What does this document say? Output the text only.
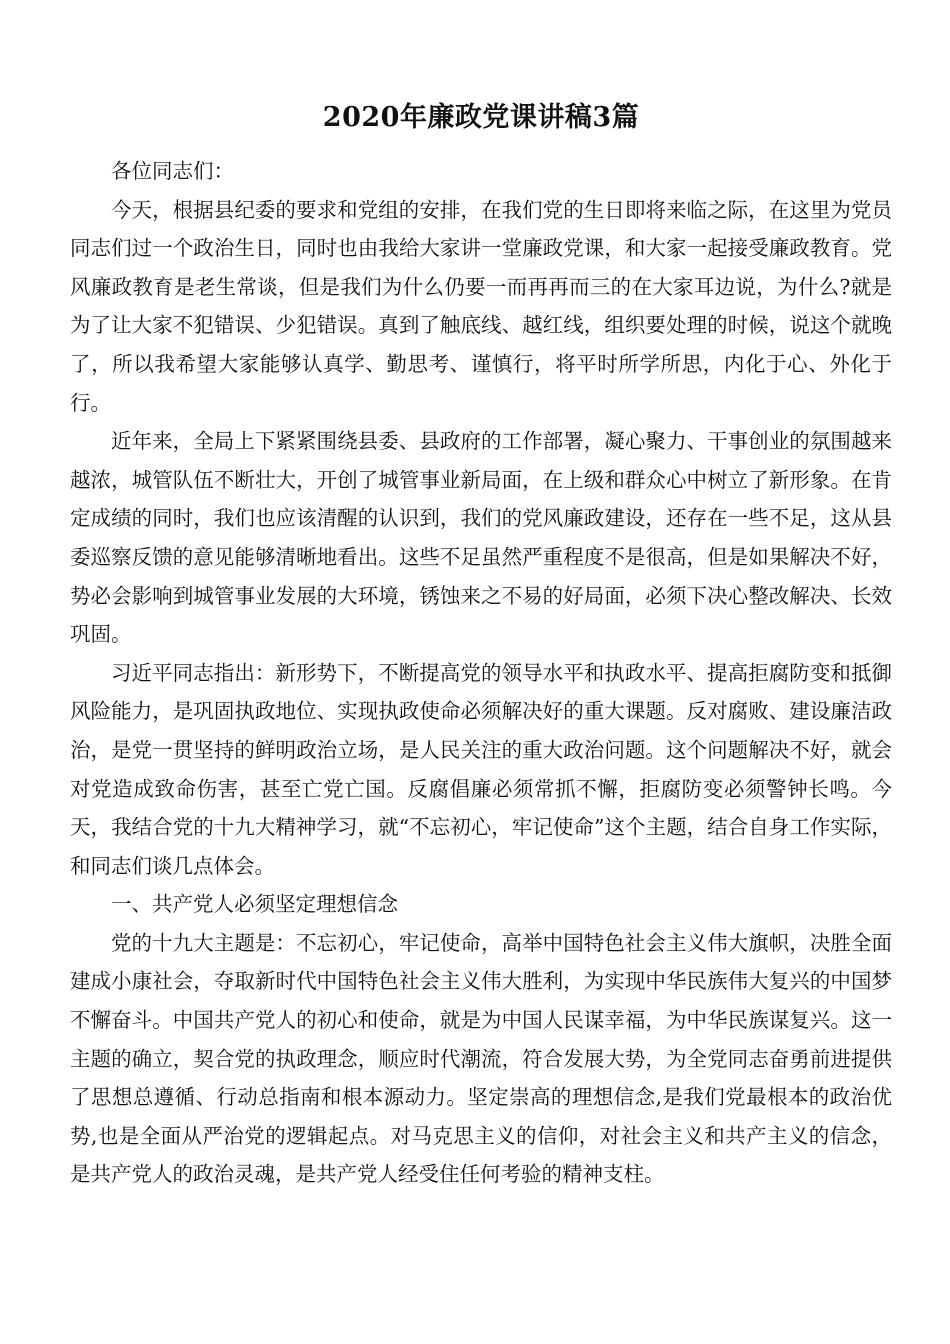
2020年廉政党课讲稿3篇

各位同志们：

今天，根据县纪委的要求和党组的安排，在我们党的生日即将来临之际，在这里为党员同志们过一个政治生日，同时也由我给大家讲一堂廉政党课，和大家一起接受廉政教育。党风廉政教育是老生常谈，但是我们为什么仍要一而再再而三的在大家耳边说，为什么?就是为了让大家不犯错误、少犯错误。真到了触底线、越红线，组织要处理的时候，说这个就晚了，所以我希望大家能够认真学、勤思考、谨慎行，将平时所学所思，内化于心、外化于行。

近年来，全局上下紧紧围绕县委、县政府的工作部署，凝心聚力、干事创业的氛围越来越浓，城管队伍不断壮大，开创了城管事业新局面，在上级和群众心中树立了新形象。在肯定成绩的同时，我们也应该清醒的认识到，我们的党风廉政建设，还存在一些不足，这从县委巡察反馈的意见能够清晰地看出。这些不足虽然严重程度不是很高，但是如果解决不好，势必会影响到城管事业发展的大环境，锈蚀来之不易的好局面，必须下决心整改解决、长效巩固。

习近平同志指出：新形势下，不断提高党的领导水平和执政水平、提高拒腐防变和抵御风险能力，是巩固执政地位、实现执政使命必须解决好的重大课题。反对腐败、建设廉洁政治，是党一贯坚持的鲜明政治立场，是人民关注的重大政治问题。这个问题解决不好，就会对党造成致命伤害，甚至亡党亡国。反腐倡廉必须常抓不懈，拒腐防变必须警钟长鸣。今天，我结合党的十九大精神学习，就“不忘初心，牢记使命”这个主题，结合自身工作实际，和同志们谈几点体会。

一、共产党人必须坚定理想信念

党的十九大主题是：不忘初心，牢记使命，高举中国特色社会主义伟大旗帜，决胜全面建成小康社会，夺取新时代中国特色社会主义伟大胜利，为实现中华民族伟大复兴的中国梦不懈奋斗。中国共产党人的初心和使命，就是为中国人民谋幸福，为中华民族谋复兴。这一主题的确立，契合党的执政理念，顺应时代潮流，符合发展大势，为全党同志奋勇前进提供了思想总遵循、行动总指南和根本源动力。坚定崇高的理想信念,是我们党最根本的政治优势,也是全面从严治党的逻辑起点。对马克思主义的信仰，对社会主义和共产主义的信念，是共产党人的政治灵魂，是共产党人经受住任何考验的精神支柱。
